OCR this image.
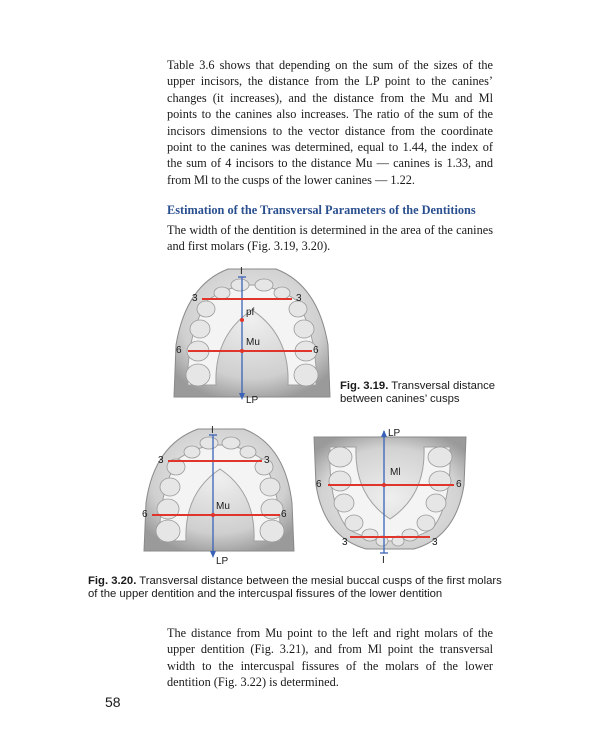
Table 3.6 shows that depending on the sum of the sizes of the upper incisors, the distance from the LP point to the canines’ changes (it increases), and the distance from the Mu and Ml points to the canines also increases. The ratio of the sum of the incisors dimensions to the vector distance from the coordinate point to the canines was determined, equal to 1.44, the index of the sum of 4 incisors to the distance Mu — canines is 1.33, and from Ml to the cusps of the lower canines — 1.22.

Estimation of the Transversal Parameters of the Dentitions

The width of the dentition is determined in the area of the canines and first molars (Fig. 3.19, 3.20).

I
3	3
pf
Mu
6	6
LP

Fig. 3.19. Transversal distance between canines’ cusps

I
3	3
Mu
6	6
LP
LP
Ml
6	6
3	3
I

Fig. 3.20. Transversal distance between the mesial buccal cusps of the first molars of the upper dentition and the intercuspal fissures of the lower dentition

The distance from Mu point to the left and right molars of the upper dentition (Fig. 3.21), and from Ml point the transversal width to the intercuspal fissures of the molars of the lower dentition (Fig. 3.22) is determined.

58
